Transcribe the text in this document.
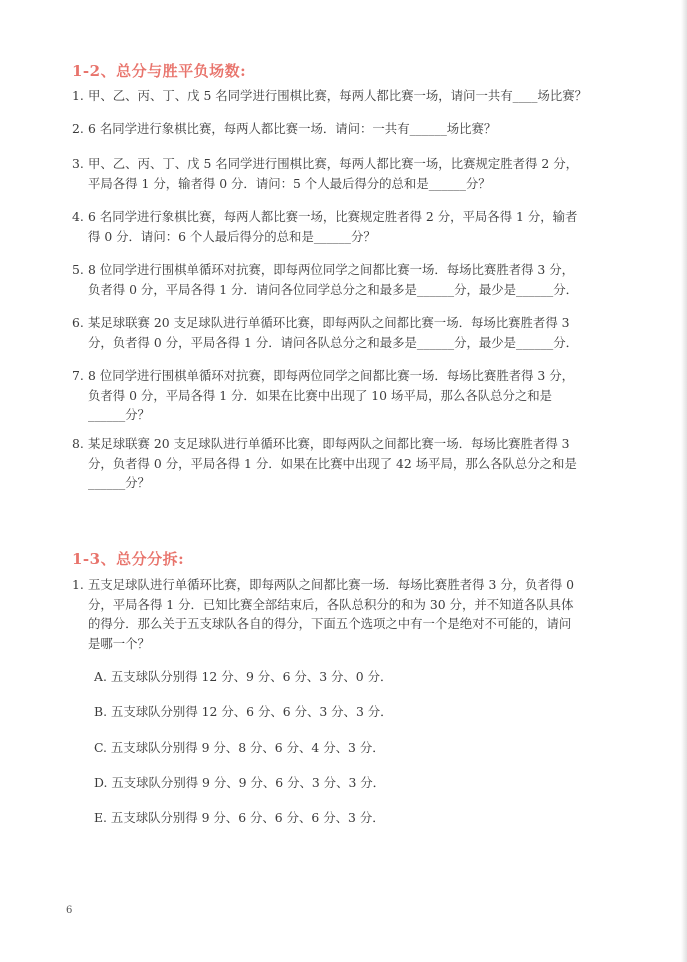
1-2、总分与胜平负场数:
1. 甲、乙、丙、丁、戊 5 名同学进行围棋比赛，每两人都比赛一场，请问一共有____场比赛？
2. 6 名同学进行象棋比赛，每两人都比赛一场．请问：一共有______场比赛？
3. 甲、乙、丙、丁、戊 5 名同学进行围棋比赛，每两人都比赛一场，比赛规定胜者得 2 分，
平局各得 1 分，输者得 0 分．请问：5 个人最后得分的总和是______分？
4. 6 名同学进行象棋比赛，每两人都比赛一场，比赛规定胜者得 2 分，平局各得 1 分，输者
得 0 分．请问：6 个人最后得分的总和是______分？
5. 8 位同学进行围棋单循环对抗赛，即每两位同学之间都比赛一场．每场比赛胜者得 3 分，
负者得 0 分，平局各得 1 分．请问各位同学总分之和最多是______分，最少是______分．
6. 某足球联赛 20 支足球队进行单循环比赛，即每两队之间都比赛一场．每场比赛胜者得 3
分，负者得 0 分，平局各得 1 分．请问各队总分之和最多是______分，最少是______分．
7. 8 位同学进行围棋单循环对抗赛，即每两位同学之间都比赛一场．每场比赛胜者得 3 分，
负者得 0 分，平局各得 1 分．如果在比赛中出现了 10 场平局，那么各队总分之和是
______分？
8. 某足球联赛 20 支足球队进行单循环比赛，即每两队之间都比赛一场．每场比赛胜者得 3
分，负者得 0 分，平局各得 1 分．如果在比赛中出现了 42 场平局，那么各队总分之和是
______分？
1-3、总分分拆:
1. 五支足球队进行单循环比赛，即每两队之间都比赛一场．每场比赛胜者得 3 分，负者得 0
分，平局各得 1 分．已知比赛全部结束后，各队总积分的和为 30 分，并不知道各队具体
的得分．那么关于五支球队各自的得分，下面五个选项之中有一个是绝对不可能的，请问
是哪一个？
A. 五支球队分别得 12 分、9 分、6 分、3 分、0 分．
B. 五支球队分别得 12 分、6 分、6 分、3 分、3 分．
C. 五支球队分别得 9 分、8 分、6 分、4 分、3 分．
D. 五支球队分别得 9 分、9 分、6 分、3 分、3 分．
E. 五支球队分别得 9 分、6 分、6 分、6 分、3 分．
6
